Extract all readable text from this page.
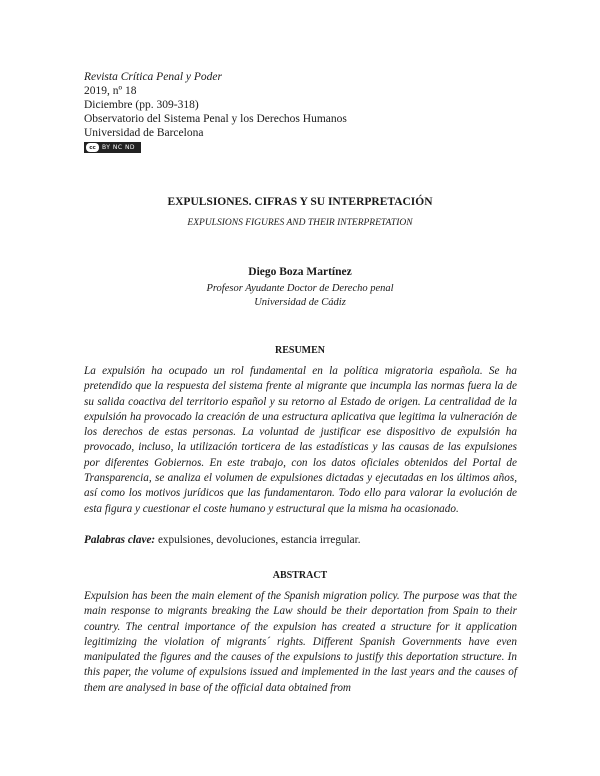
Revista Crítica Penal y Poder
2019, nº 18
Diciembre (pp. 309-318)
Observatorio del Sistema Penal y los Derechos Humanos
Universidad de Barcelona
cc	BY NC ND
EXPULSIONES. CIFRAS Y SU INTERPRETACIÓN
EXPULSIONS FIGURES AND THEIR INTERPRETATION
Diego Boza Martínez
Profesor Ayudante Doctor de Derecho penal
Universidad de Cádiz
RESUMEN

La expulsión ha ocupado un rol fundamental en la política migratoria española. Se ha pretendido que la respuesta del sistema frente al migrante que incumpla las normas fuera la de su salida coactiva del territorio español y su retorno al Estado de origen. La centralidad de la expulsión ha provocado la creación de una estructura aplicativa que legitima la vulneración de los derechos de estas personas. La voluntad de justificar ese dispositivo de expulsión ha provocado, incluso, la utilización torticera de las estadísticas y las causas de las expulsiones por diferentes Gobiernos. En este trabajo, con los datos oficiales obtenidos del Portal de Transparencia, se analiza el volumen de expulsiones dictadas y ejecutadas en los últimos años, así como los motivos jurídicos que las fundamentaron. Todo ello para valorar la evolución de esta figura y cuestionar el coste humano y estructural que la misma ha ocasionado.

Palabras clave: expulsiones, devoluciones, estancia irregular.
ABSTRACT

Expulsion has been the main element of the Spanish migration policy. The purpose was that the main response to migrants breaking the Law should be their deportation from Spain to their country. The central importance of the expulsion has created a structure for it application legitimizing the violation of migrants´ rights. Different Spanish Governments have even manipulated the figures and the causes of the expulsions to justify this deportation structure. In this paper, the volume of expulsions issued and implemented in the last years and the causes of them are analysed in base of the official data obtained from
